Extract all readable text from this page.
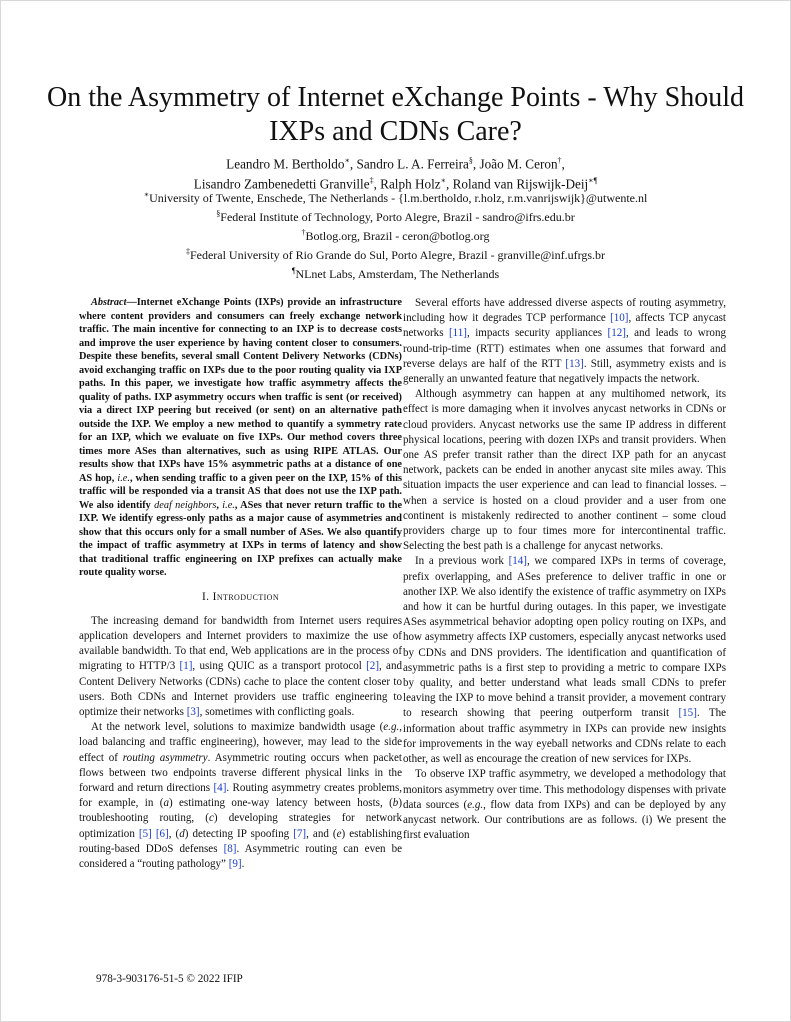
On the Asymmetry of Internet eXchange Points - Why Should IXPs and CDNs Care?
Leandro M. Bertholdo∗, Sandro L. A. Ferreira§, João M. Ceron†,
Lisandro Zambenedetti Granville‡, Ralph Holz∗, Roland van Rijswijk-Deij∗¶
∗University of Twente, Enschede, The Netherlands - {l.m.bertholdo, r.holz, r.m.vanrijswijk}@utwente.nl
§Federal Institute of Technology, Porto Alegre, Brazil - sandro@ifrs.edu.br
†Botlog.org, Brazil - ceron@botlog.org
‡Federal University of Rio Grande do Sul, Porto Alegre, Brazil - granville@inf.ufrgs.br
¶NLnet Labs, Amsterdam, The Netherlands

Abstract—Internet eXchange Points (IXPs) provide an infrastructure where content providers and consumers can freely exchange network traffic. The main incentive for connecting to an IXP is to decrease costs and improve the user experience by having content closer to consumers. Despite these benefits, several small Content Delivery Networks (CDNs) avoid exchanging traffic on IXPs due to the poor routing quality via IXP paths. In this paper, we investigate how traffic asymmetry affects the quality of paths. IXP asymmetry occurs when traffic is sent (or received) via a direct IXP peering but received (or sent) on an alternative path outside the IXP. We employ a new method to quantify a symmetry rate for an IXP, which we evaluate on five IXPs. Our method covers three times more ASes than alternatives, such as using RIPE ATLAS. Our results show that IXPs have 15% asymmetric paths at a distance of one AS hop, i.e., when sending traffic to a given peer on the IXP, 15% of this traffic will be responded via a transit AS that does not use the IXP path. We also identify deaf neighbors, i.e., ASes that never return traffic to the IXP. We identify egress-only paths as a major cause of asymmetries and show that this occurs only for a small number of ASes. We also quantify the impact of traffic asymmetry at IXPs in terms of latency and show that traditional traffic engineering on IXP prefixes can actually make route quality worse.

I. Introduction

The increasing demand for bandwidth from Internet users requires application developers and Internet providers to maximize the use of available bandwidth. To that end, Web applications are in the process of migrating to HTTP/3 [1], using QUIC as a transport protocol [2], and Content Delivery Networks (CDNs) cache to place the content closer to users. Both CDNs and Internet providers use traffic engineering to optimize their networks [3], sometimes with conflicting goals.

At the network level, solutions to maximize bandwidth usage (e.g., load balancing and traffic engineering), however, may lead to the side effect of routing asymmetry. Asymmetric routing occurs when packet flows between two endpoints traverse different physical links in the forward and return directions [4]. Routing asymmetry creates problems, for example, in (a) estimating one-way latency between hosts, (b) troubleshooting routing, (c) developing strategies for network optimization [5] [6], (d) detecting IP spoofing [7], and (e) establishing routing-based DDoS defenses [8]. Asymmetric routing can even be considered a “routing pathology” [9].

Several efforts have addressed diverse aspects of routing asymmetry, including how it degrades TCP performance [10], affects TCP anycast networks [11], impacts security appliances [12], and leads to wrong round-trip-time (RTT) estimates when one assumes that forward and reverse delays are half of the RTT [13]. Still, asymmetry exists and is generally an unwanted feature that negatively impacts the network.

Although asymmetry can happen at any multihomed network, its effect is more damaging when it involves anycast networks in CDNs or cloud providers. Anycast networks use the same IP address in different physical locations, peering with dozen IXPs and transit providers. When one AS prefer transit rather than the direct IXP path for an anycast network, packets can be ended in another anycast site miles away. This situation impacts the user experience and can lead to financial losses. – when a service is hosted on a cloud provider and a user from one continent is mistakenly redirected to another continent – some cloud providers charge up to four times more for intercontinental traffic. Selecting the best path is a challenge for anycast networks.

In a previous work [14], we compared IXPs in terms of coverage, prefix overlapping, and ASes preference to deliver traffic in one or another IXP. We also identify the existence of traffic asymmetry on IXPs and how it can be hurtful during outages. In this paper, we investigate ASes asymmetrical behavior adopting open policy routing on IXPs, and how asymmetry affects IXP customers, especially anycast networks used by CDNs and DNS providers. The identification and quantification of asymmetric paths is a first step to providing a metric to compare IXPs by quality, and better understand what leads small CDNs to prefer leaving the IXP to move behind a transit provider, a movement contrary to research showing that peering outperform transit [15]. The information about traffic asymmetry in IXPs can provide new insights for improvements in the way eyeball networks and CDNs relate to each other, as well as encourage the creation of new services for IXPs.

To observe IXP traffic asymmetry, we developed a methodology that monitors asymmetry over time. This methodology dispenses with private data sources (e.g., flow data from IXPs) and can be deployed by any anycast network. Our contributions are as follows. (i) We present the first evaluation

978-3-903176-51-5 © 2022 IFIP
